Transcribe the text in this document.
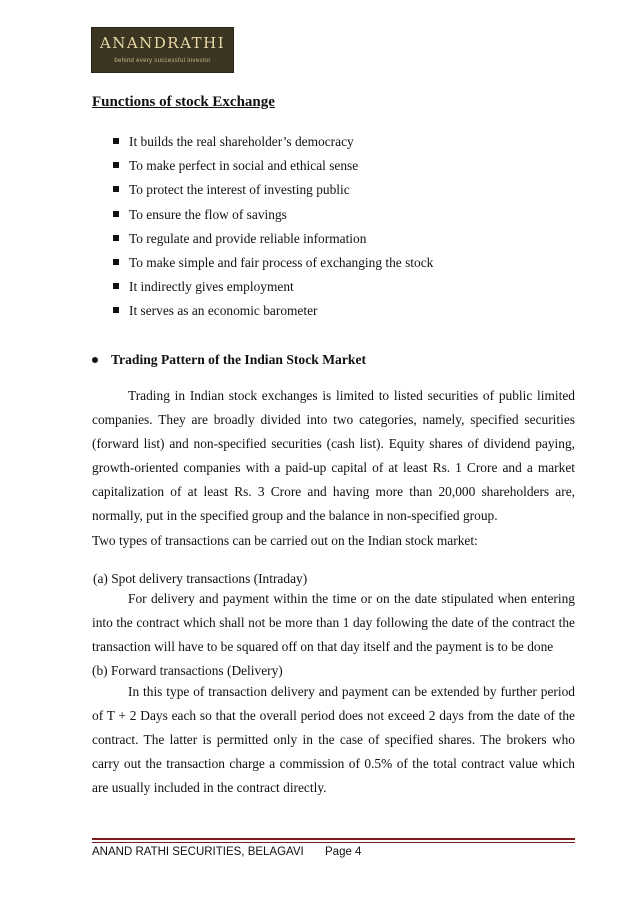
ANANDRATHI
behind every successful investor
Functions of stock Exchange
It builds the real shareholder’s democracy
To make perfect in social and ethical sense
To protect the interest of investing public
To ensure the flow of savings
To regulate and provide reliable information
To make simple and fair process of exchanging the stock
It indirectly gives employment
It serves as an economic barometer
Trading Pattern of the Indian Stock Market

Trading in Indian stock exchanges is limited to listed securities of public limited companies. They are broadly divided into two categories, namely, specified securities (forward list) and non-specified securities (cash list). Equity shares of dividend paying, growth-oriented companies with a paid-up capital of at least Rs. 1 Crore and a market capitalization of at least Rs. 3 Crore and having more than 20,000 shareholders are, normally, put in the specified group and the balance in non-specified group.

Two types of transactions can be carried out on the Indian stock market:

(a) Spot delivery transactions (Intraday)

For delivery and payment within the time or on the date stipulated when entering into the contract which shall not be more than 1 day following the date of the contract the transaction will have to be squared off on that day itself and the payment is to be done

(b) Forward transactions (Delivery)

In this type of transaction delivery and payment can be extended by further period of T + 2 Days each so that the overall period does not exceed 2 days from the date of the contract. The latter is permitted only in the case of specified shares. The brokers who carry out the transaction charge a commission of 0.5% of the total contract value which are usually included in the contract directly.

ANAND RATHI SECURITIES, BELAGAVI Page 4
